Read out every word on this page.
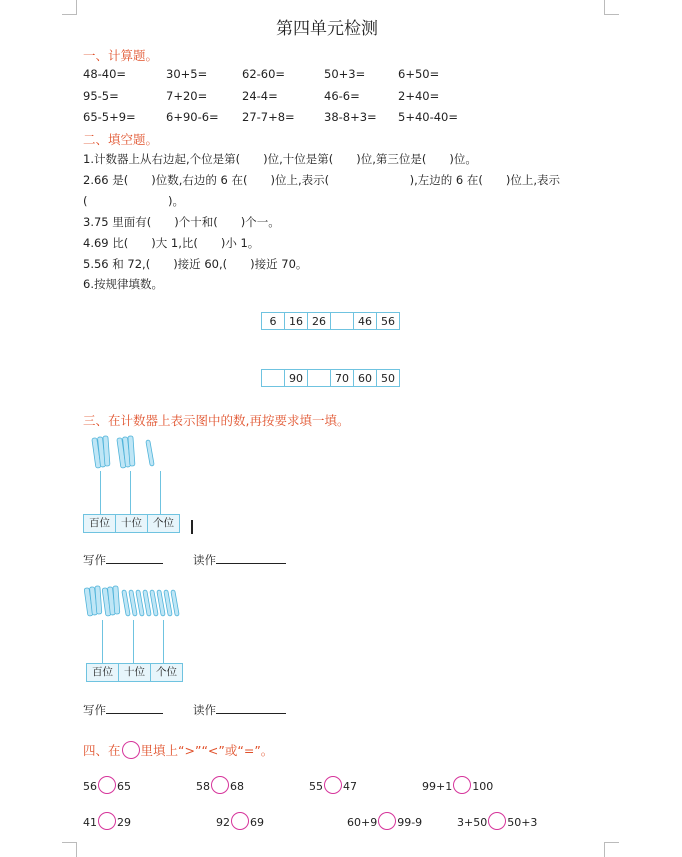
第四单元检测
一、计算题。
48-40=	30+5=	62-60=	50+3=	6+50=
95-5=	7+20=	24-4=	46-6=	2+40=
65-5+9=	6+90-6= 27-7+8=	38-8+3= 5+40-40=
二、填空题。
1.计数器上从右边起,个位是第(　　)位,十位是第(　　)位,第三位是(　　)位。
2.66 是(　　)位数,右边的 6 在(　　)位上,表示(　　　　　　　),左边的 6 在(　　)位上,表示
(　　　　　　　)。
3.75 里面有(　　)个十和(　　)个一。
4.69 比(　　)大 1,比(　　)小 1。
5.56 和 72,(　　)接近 60,(　　)接近 70。
6.按规律填数。
6	16	26		46	56
	90		70	60	50
三、在计数器上表示图中的数,再按要求填一填。
百位	十位	个位
写作	读作
百位	十位	个位
写作	读作
四、在 里填上“>”“<”或“=”。
56 65	58 68	55 47	99+1 100
41 29	92 69	60+9 99-9	3+50 50+3
